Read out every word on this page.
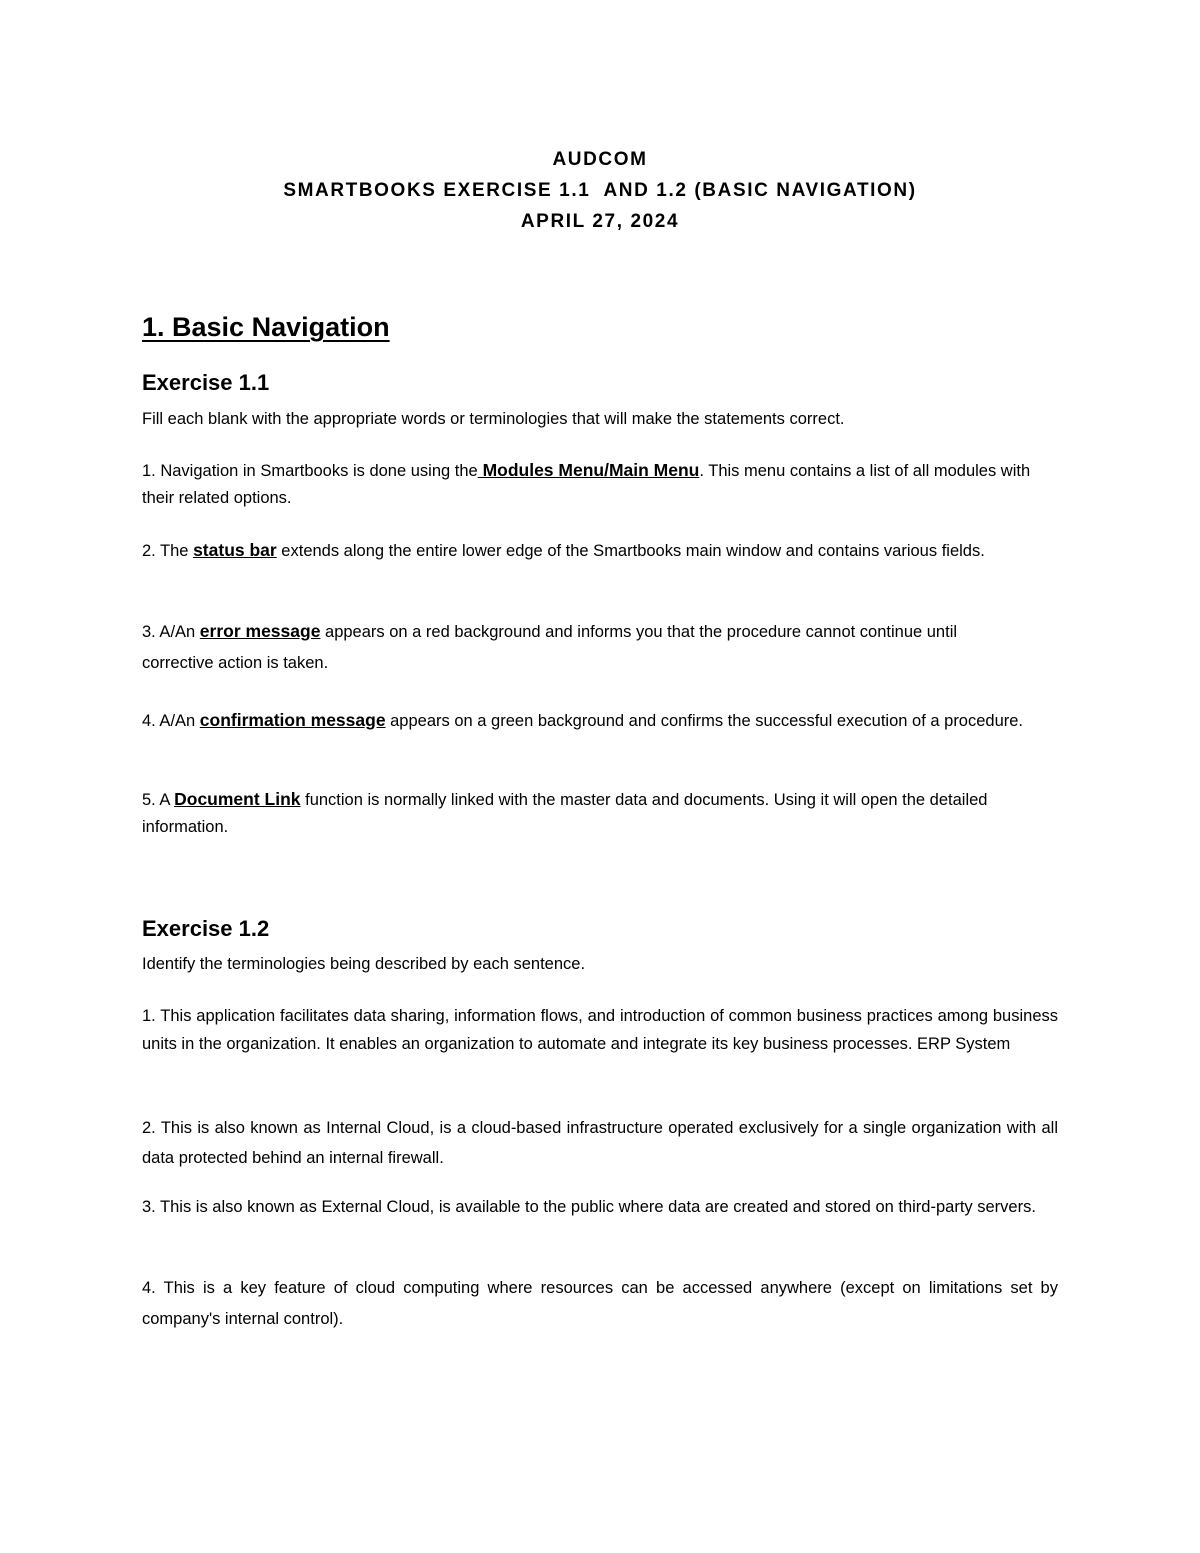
AUDCOM
SMARTBOOKS EXERCISE 1.1  AND 1.2 (BASIC NAVIGATION)
APRIL 27, 2024
1. Basic Navigation
Exercise 1.1
Fill each blank with the appropriate words or terminologies that will make the statements correct.
1. Navigation in Smartbooks is done using the Modules Menu/Main Menu. This menu contains a list of all modules with their related options.
2. The status bar extends along the entire lower edge of the Smartbooks main window and contains various fields.
3. A/An error message appears on a red background and informs you that the procedure cannot continue until corrective action is taken.
4. A/An confirmation message appears on a green background and confirms the successful execution of a procedure.
5. A Document Link function is normally linked with the master data and documents. Using it will open the detailed information.
Exercise 1.2
Identify the terminologies being described by each sentence.
1. This application facilitates data sharing, information flows, and introduction of common business practices among business units in the organization. It enables an organization to automate and integrate its key business processes. ERP System
2. This is also known as Internal Cloud, is a cloud-based infrastructure operated exclusively for a single organization with all data protected behind an internal firewall.
3. This is also known as External Cloud, is available to the public where data are created and stored on third-party servers.
4. This is a key feature of cloud computing where resources can be accessed anywhere (except on limitations set by company's internal control).
